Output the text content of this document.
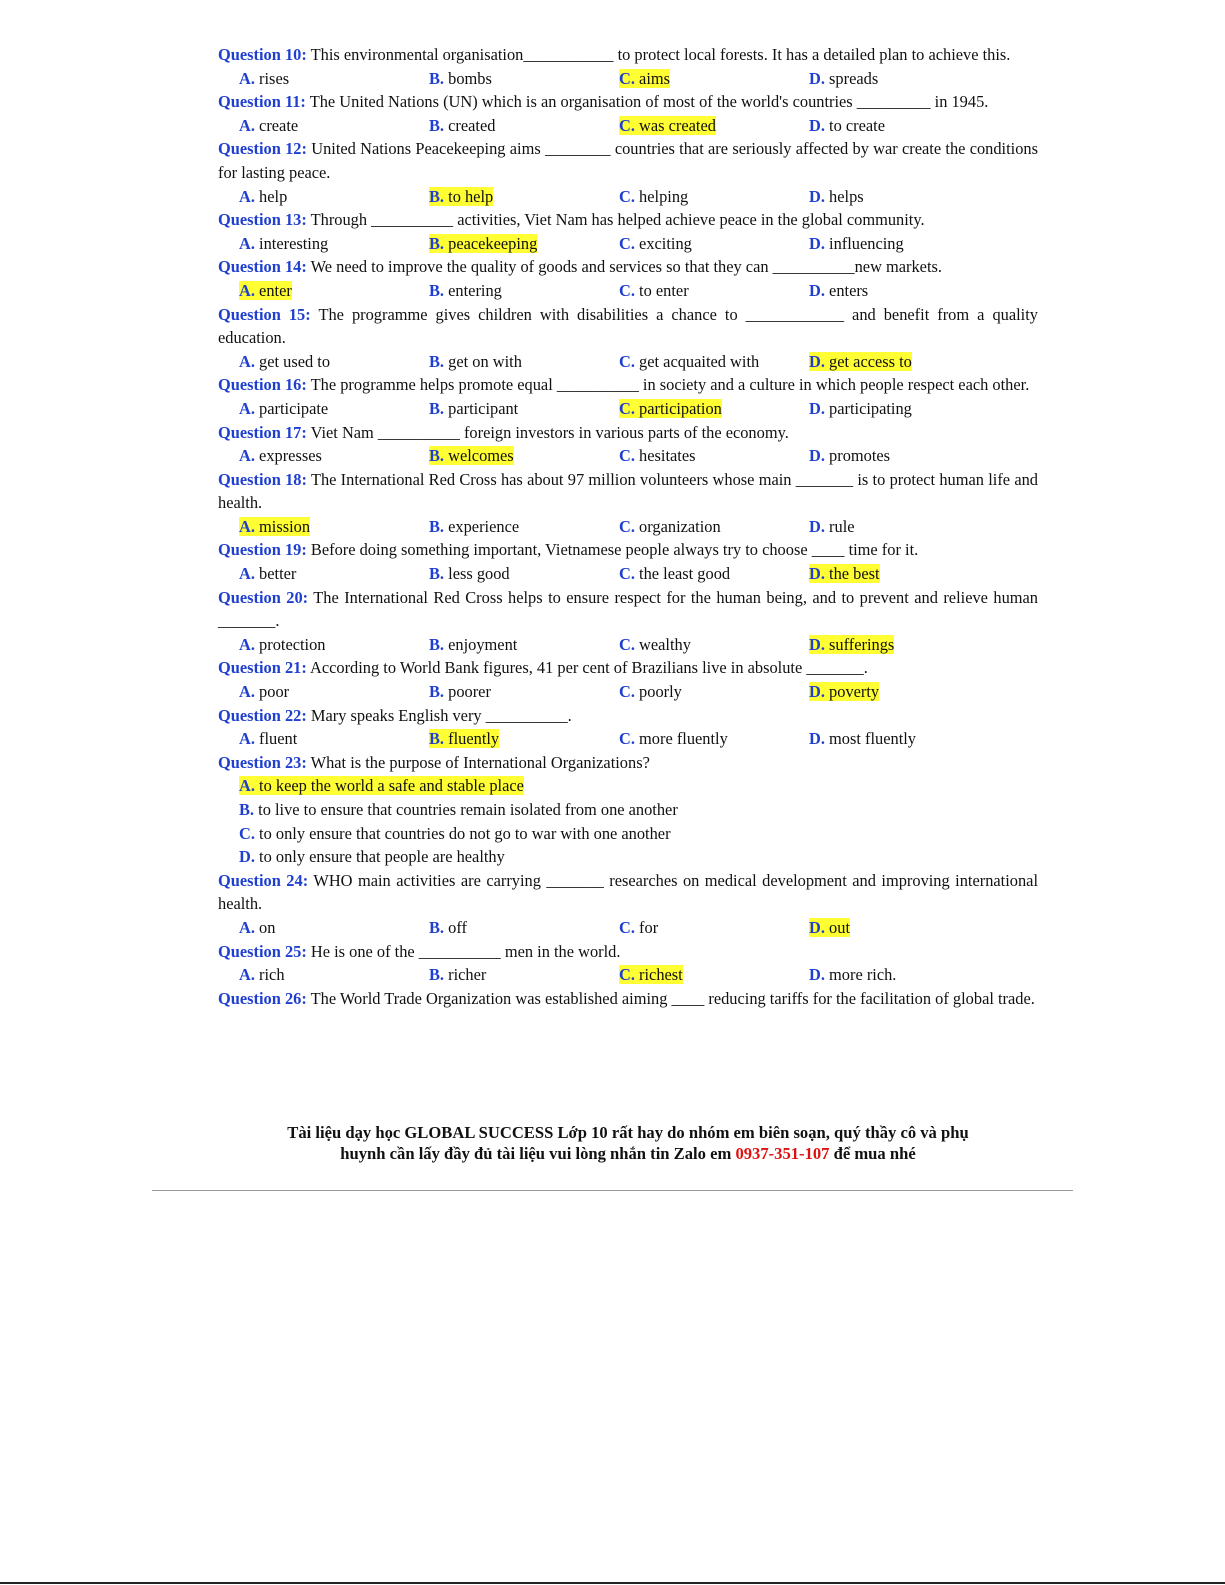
Question 10: This environmental organisation___________ to protect local forests. It has a detailed plan to achieve this.
A. rises	B. bombs	C. aims	D. spreads
Question 11: The United Nations (UN) which is an organisation of most of the world's countries _________ in 1945.
A. create	B. created	C. was created	D. to create
Question 12: United Nations Peacekeeping aims ________ countries that are seriously affected by war create the conditions for lasting peace.
A. help	B. to help	C. helping	D. helps
Question 13: Through __________ activities, Viet Nam has helped achieve peace in the global community.
A. interesting	B. peacekeeping	C. exciting	D. influencing
Question 14: We need to improve the quality of goods and services so that they can __________new markets.
A. enter	B. entering	C. to enter	D. enters
Question 15: The programme gives children with disabilities a chance to ____________ and benefit from a quality education.
A. get used to	B. get on with	C. get acquaited with	D. get access to
Question 16: The programme helps promote equal __________ in society and a culture in which people respect each other.
A. participate	B. participant	C. participation	D. participating
Question 17: Viet Nam __________ foreign investors in various parts of the economy.
A. expresses	B. welcomes	C. hesitates	D. promotes
Question 18: The International Red Cross has about 97 million volunteers whose main _______ is to protect human life and health.
A. mission	B. experience	C. organization	D. rule
Question 19: Before doing something important, Vietnamese people always try to choose ____ time for it.
A. better	B. less good	C. the least good	D. the best
Question 20: The International Red Cross helps to ensure respect for the human being, and to prevent and relieve human _______.
A. protection	B. enjoyment	C. wealthy	D. sufferings
Question 21: According to World Bank figures, 41 per cent of Brazilians live in absolute _______.
A. poor	B. poorer	C. poorly	D. poverty
Question 22: Mary speaks English very __________.
A. fluent	B. fluently	C. more fluently	D. most fluently
Question 23: What is the purpose of International Organizations?
A. to keep the world a safe and stable place
B. to live to ensure that countries remain isolated from one another
C. to only ensure that countries do not go to war with one another
D. to only ensure that people are healthy
Question 24: WHO main activities are carrying _______ researches on medical development and improving international health.
A. on	B. off	C. for	D. out
Question 25: He is one of the __________ men in the world.
A. rich	B. richer	C. richest	D. more rich.
Question 26: The World Trade Organization was established aiming ____ reducing tariffs for the facilitation of global trade.
Tài liệu dạy học GLOBAL SUCCESS Lớp 10 rất hay do nhóm em biên soạn, quý thầy cô và phụ
huynh cần lấy đầy đủ tài liệu vui lòng nhắn tin Zalo em 0937-351-107 để mua nhé
